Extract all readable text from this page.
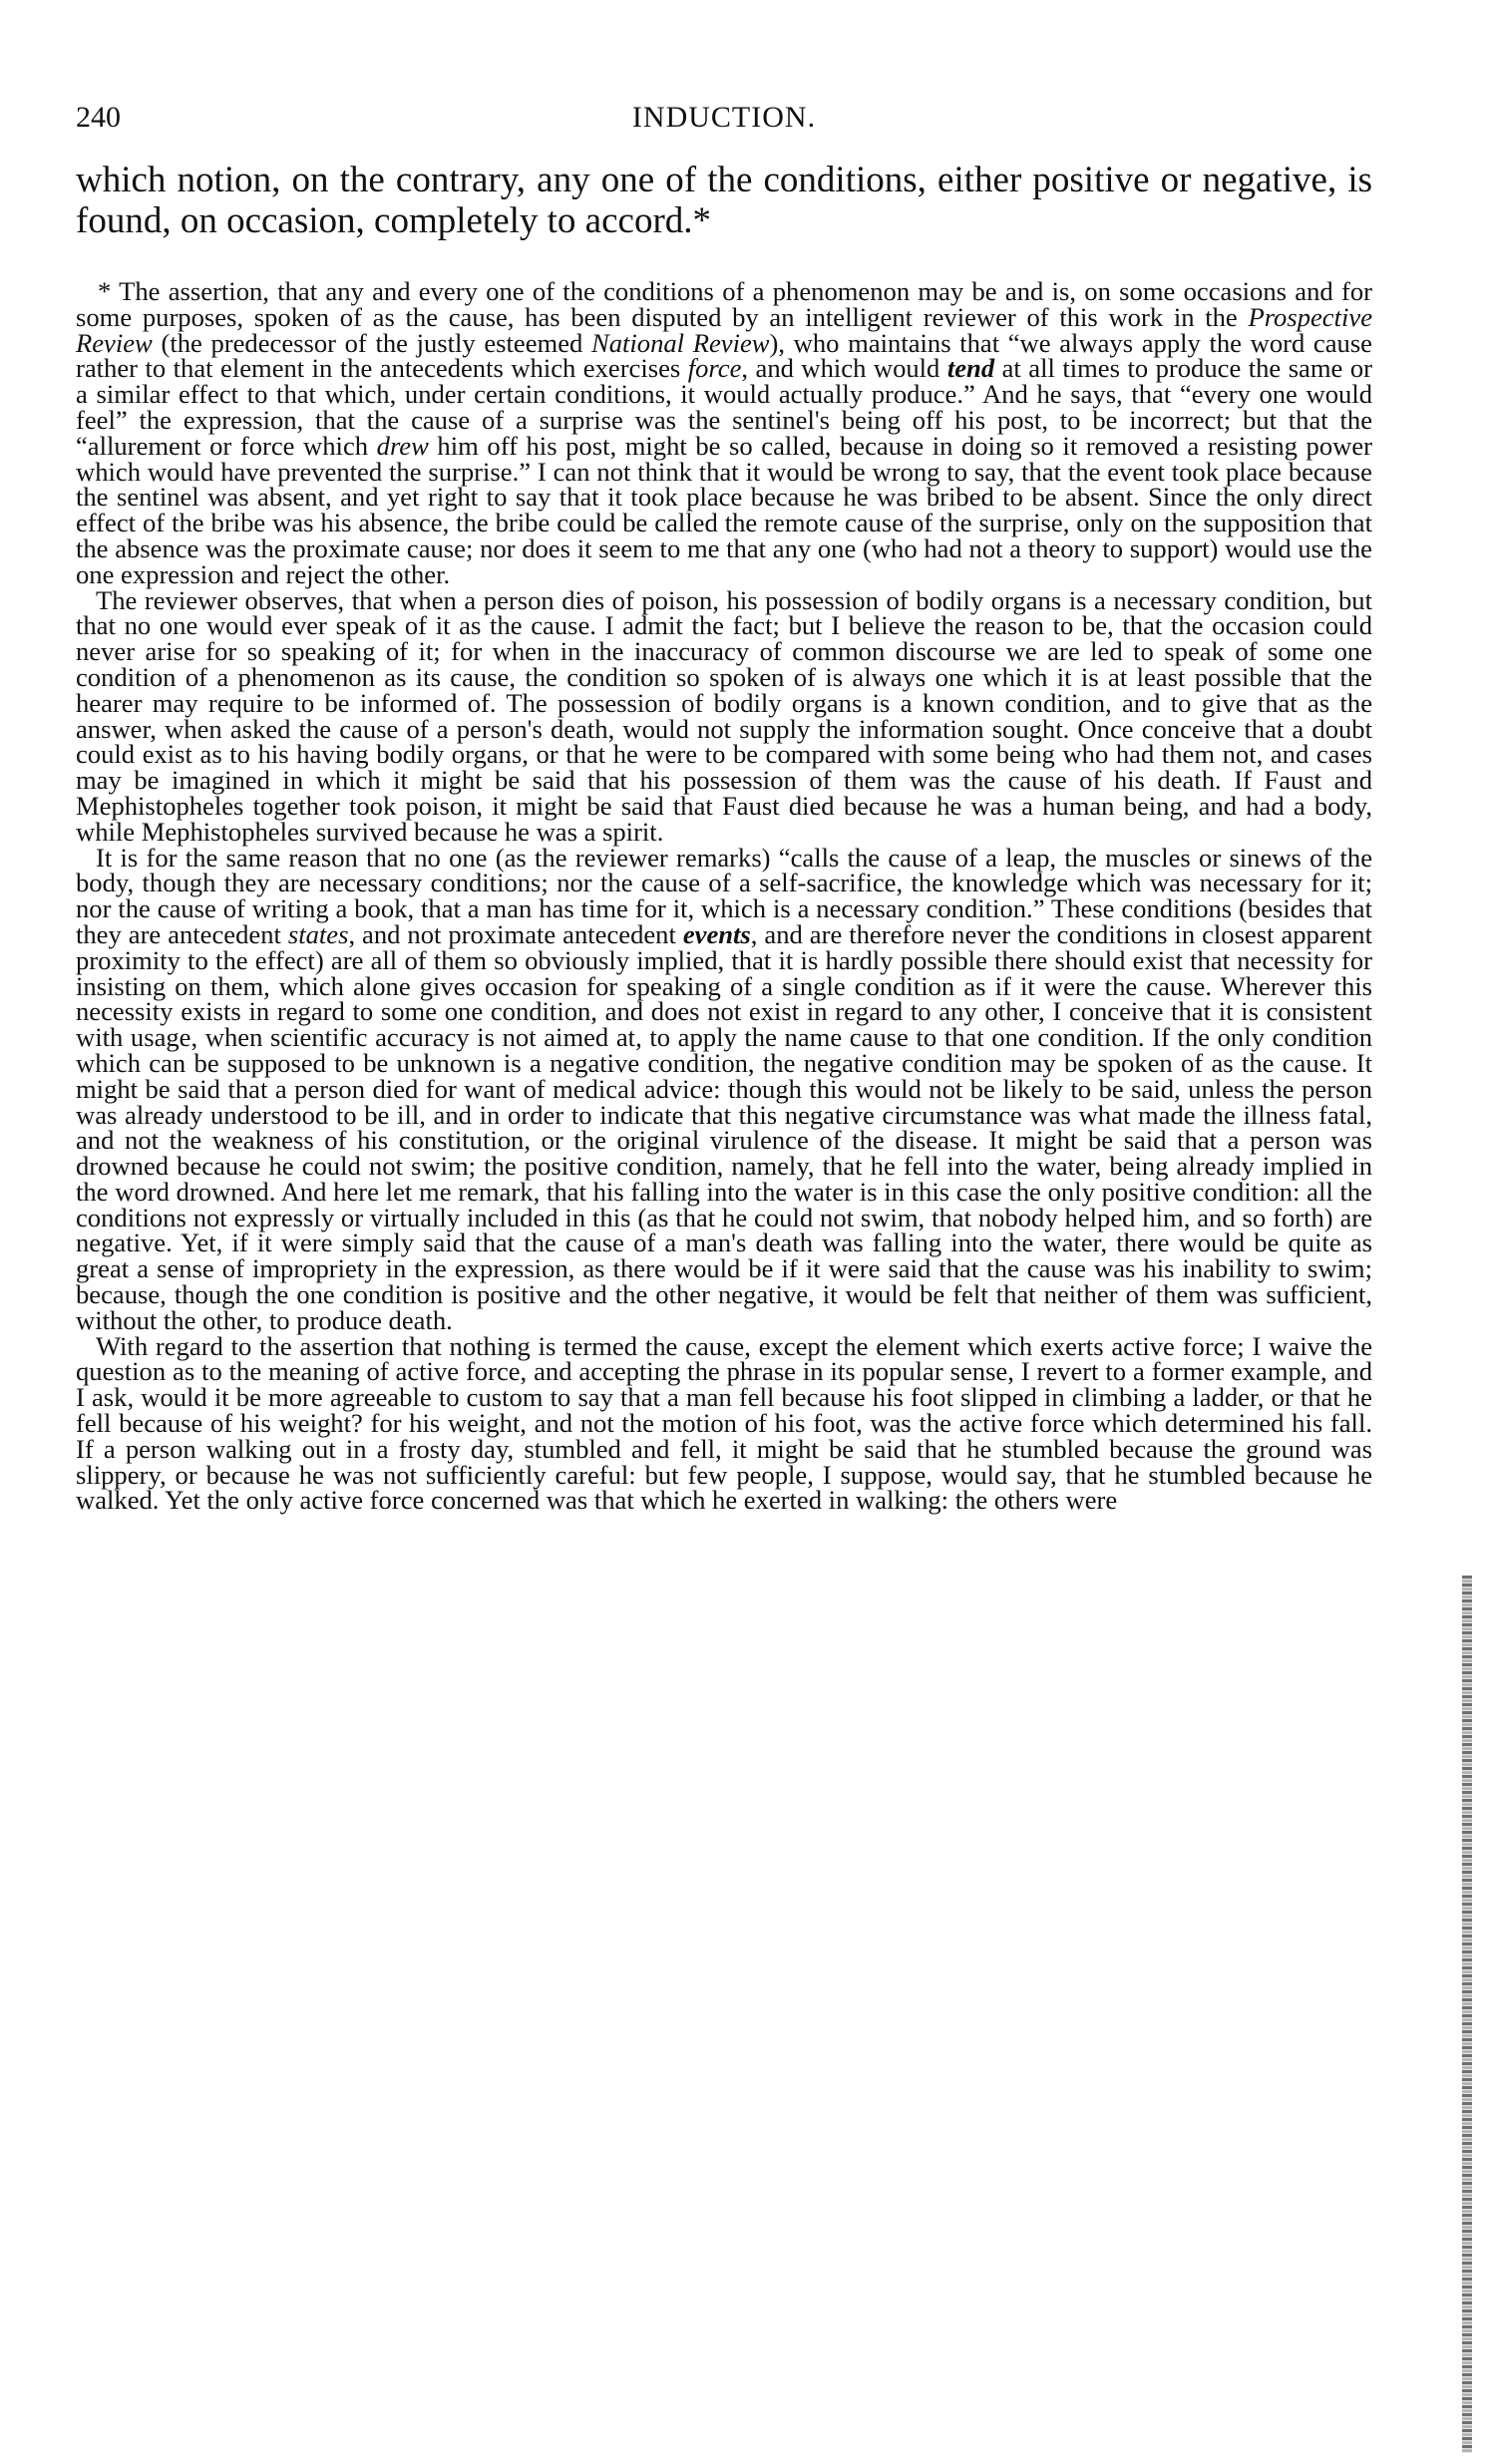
240	INDUCTION.
which notion, on the contrary, any one of the conditions, either positive or negative, is found, on occasion, completely to accord.*

* The assertion, that any and every one of the conditions of a phenomenon may be and is, on some occasions and for some purposes, spoken of as the cause, has been disputed by an intelligent reviewer of this work in the Prospective Review (the predecessor of the justly esteemed National Review), who maintains that “we always apply the word cause rather to that element in the antecedents which exercises force, and which would tend at all times to produce the same or a similar effect to that which, under certain conditions, it would actually produce.” And he says, that “every one would feel” the expression, that the cause of a surprise was the sentinel's being off his post, to be incorrect; but that the “allurement or force which drew him off his post, might be so called, because in doing so it removed a resisting power which would have prevented the surprise.” I can not think that it would be wrong to say, that the event took place because the sentinel was absent, and yet right to say that it took place because he was bribed to be absent. Since the only direct effect of the bribe was his absence, the bribe could be called the remote cause of the surprise, only on the supposition that the absence was the proximate cause; nor does it seem to me that any one (who had not a theory to support) would use the one expression and reject the other.

The reviewer observes, that when a person dies of poison, his possession of bodily organs is a necessary condition, but that no one would ever speak of it as the cause. I admit the fact; but I believe the reason to be, that the occasion could never arise for so speaking of it; for when in the inaccuracy of common discourse we are led to speak of some one condition of a phenomenon as its cause, the condition so spoken of is always one which it is at least possible that the hearer may require to be informed of. The possession of bodily organs is a known condition, and to give that as the answer, when asked the cause of a person's death, would not supply the information sought. Once conceive that a doubt could exist as to his having bodily organs, or that he were to be compared with some being who had them not, and cases may be imagined in which it might be said that his possession of them was the cause of his death. If Faust and Mephistopheles together took poison, it might be said that Faust died because he was a human being, and had a body, while Mephistopheles survived because he was a spirit.

It is for the same reason that no one (as the reviewer remarks) “calls the cause of a leap, the muscles or sinews of the body, though they are necessary conditions; nor the cause of a self-sacrifice, the knowledge which was necessary for it; nor the cause of writing a book, that a man has time for it, which is a necessary condition.” These conditions (besides that they are antecedent states, and not proximate antecedent events, and are therefore never the conditions in closest apparent proximity to the effect) are all of them so obviously implied, that it is hardly possible there should exist that necessity for insisting on them, which alone gives occasion for speaking of a single condition as if it were the cause. Wherever this necessity exists in regard to some one condition, and does not exist in regard to any other, I conceive that it is consistent with usage, when scientific accuracy is not aimed at, to apply the name cause to that one condition. If the only condition which can be supposed to be unknown is a negative condition, the negative condition may be spoken of as the cause. It might be said that a person died for want of medical advice: though this would not be likely to be said, unless the person was already understood to be ill, and in order to indicate that this negative circumstance was what made the illness fatal, and not the weakness of his constitution, or the original virulence of the disease. It might be said that a person was drowned because he could not swim; the positive condition, namely, that he fell into the water, being already implied in the word drowned. And here let me remark, that his falling into the water is in this case the only positive condition: all the conditions not expressly or virtually included in this (as that he could not swim, that nobody helped him, and so forth) are negative. Yet, if it were simply said that the cause of a man's death was falling into the water, there would be quite as great a sense of impropriety in the expression, as there would be if it were said that the cause was his inability to swim; because, though the one condition is positive and the other negative, it would be felt that neither of them was sufficient, without the other, to produce death.

With regard to the assertion that nothing is termed the cause, except the element which exerts active force; I waive the question as to the meaning of active force, and accepting the phrase in its popular sense, I revert to a former example, and I ask, would it be more agreeable to custom to say that a man fell because his foot slipped in climbing a ladder, or that he fell because of his weight? for his weight, and not the motion of his foot, was the active force which determined his fall. If a person walking out in a frosty day, stumbled and fell, it might be said that he stumbled because the ground was slippery, or because he was not sufficiently careful: but few people, I suppose, would say, that he stumbled because he walked. Yet the only active force concerned was that which he exerted in walking: the others were
